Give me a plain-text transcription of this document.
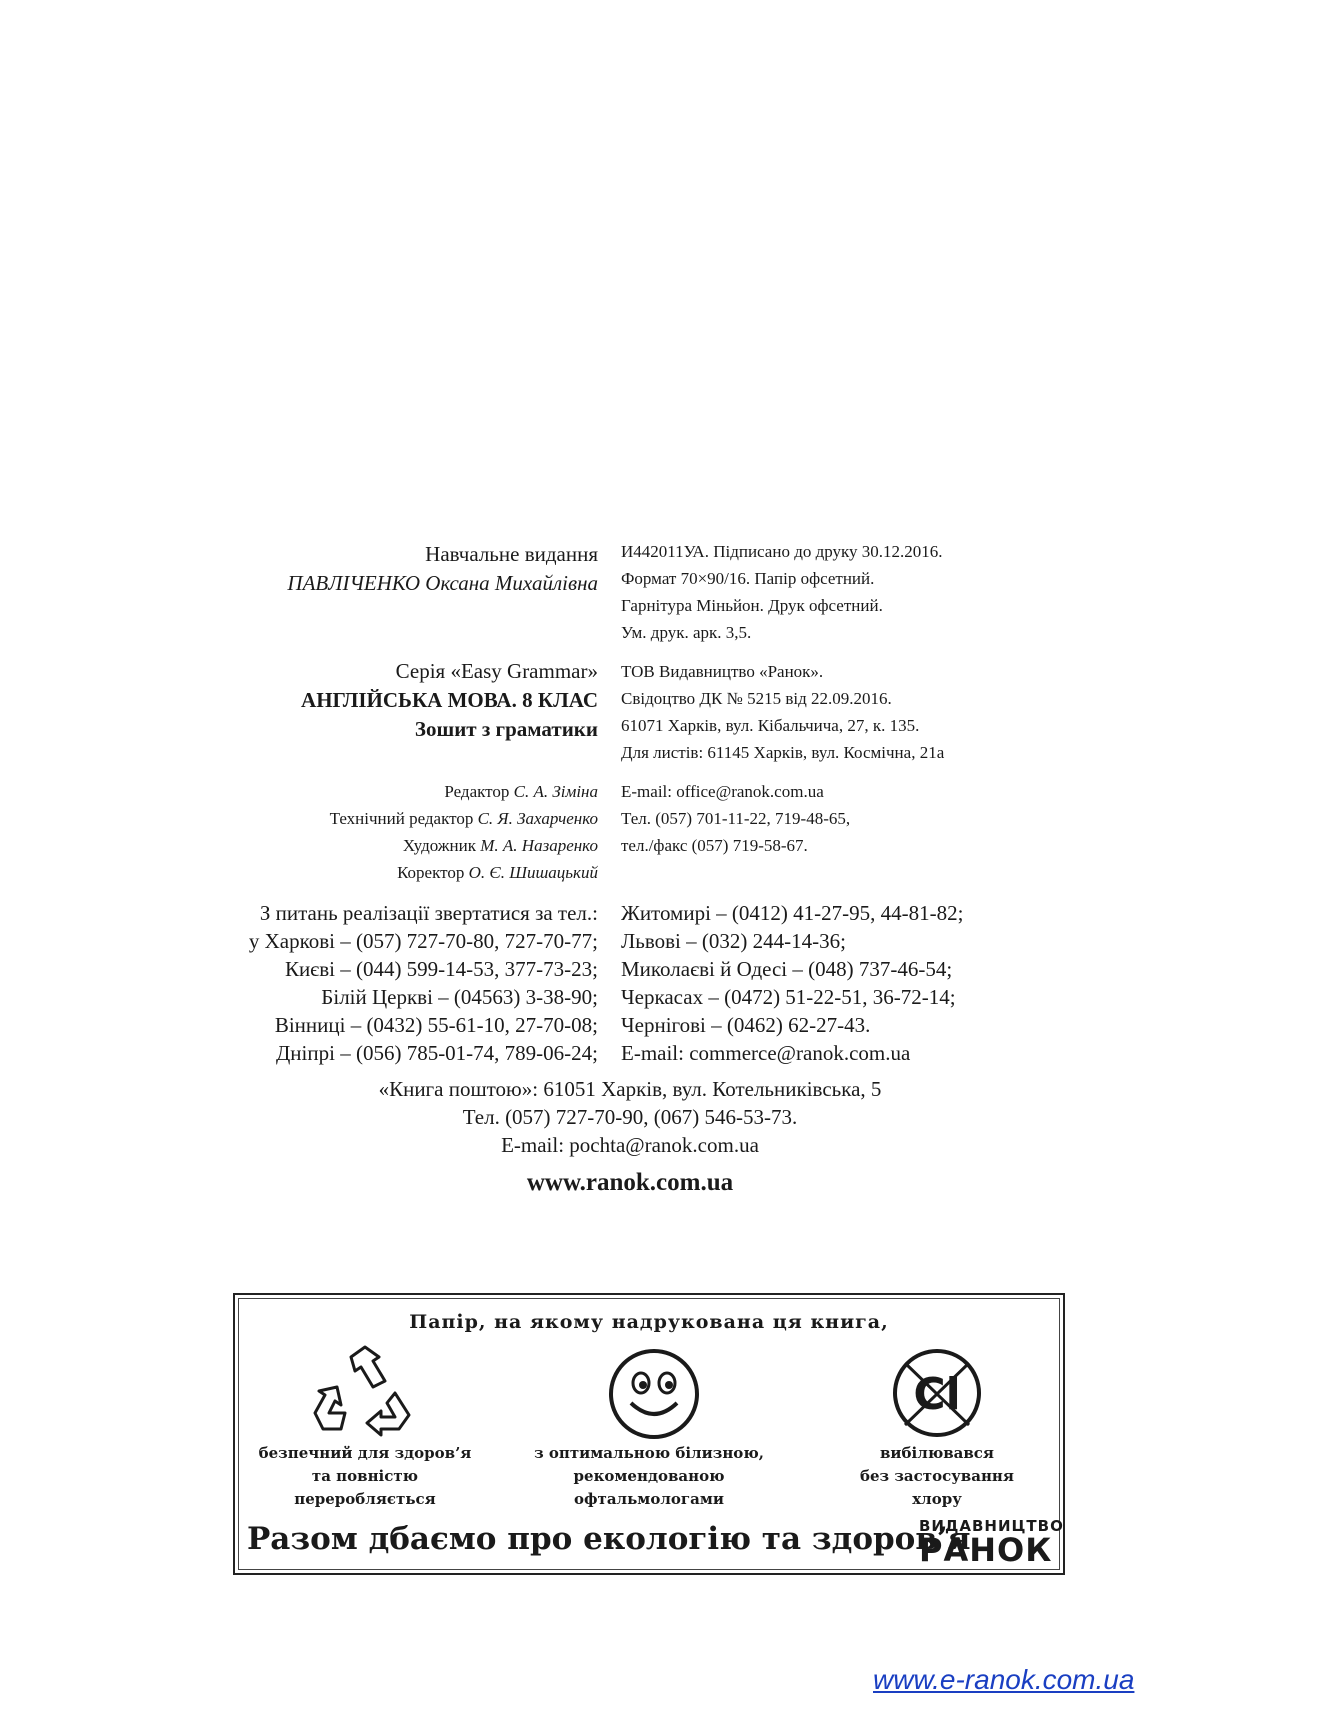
Навчальне видання
ПАВЛІЧЕНКО Оксана Михайлівна
Серія «Easy Grammar»
АНГЛІЙСЬКА МОВА. 8 КЛАС
Зошит з граматики
Редактор С. А. Зіміна
Технічний редактор С. Я. Захарченко
Художник М. А. Назаренко
Коректор О. Є. Шишацький
И442011УА. Підписано до друку 30.12.2016.
Формат 70×90/16. Папір офсетний.
Гарнітура Міньйон. Друк офсетний.
Ум. друк. арк. 3,5.
ТОВ Видавництво «Ранок».
Свідоцтво ДК № 5215 від 22.09.2016.
61071 Харків, вул. Кібальчича, 27, к. 135.
Для листів: 61145 Харків, вул. Космічна, 21а
E-mail: office@ranok.com.ua
Тел. (057) 701-11-22, 719-48-65,
тел./факс (057) 719-58-67.
З питань реалізації звертатися за тел.:
у Харкові – (057) 727-70-80, 727-70-77;
Києві – (044) 599-14-53, 377-73-23;
Білій Церкві – (04563) 3-38-90;
Вінниці – (0432) 55-61-10, 27-70-08;
Дніпрі – (056) 785-01-74, 789-06-24;
Житомирі – (0412) 41-27-95, 44-81-82;
Львові – (032) 244-14-36;
Миколаєві й Одесі – (048) 737-46-54;
Черкасах – (0472) 51-22-51, 36-72-14;
Чернігові – (0462) 62-27-43.
E-mail: commerce@ranok.com.ua
«Книга поштою»: 61051 Харків, вул. Котельниківська, 5
Тел. (057) 727-70-90, (067) 546-53-73.
E-mail: pochta@ranok.com.ua
www.ranok.com.ua
Папір, на якому надрукована ця книга,
Cl
безпечний для здоров’я
та повністю
переробляється
з оптимальною білизною,
рекомендованою
офтальмологами
вибілювався
без застосування
хлору
Разом дбаємо про екологію та здоров’я
ВИДАВНИЦТВО
РАНОК
www.e-ranok.com.ua
